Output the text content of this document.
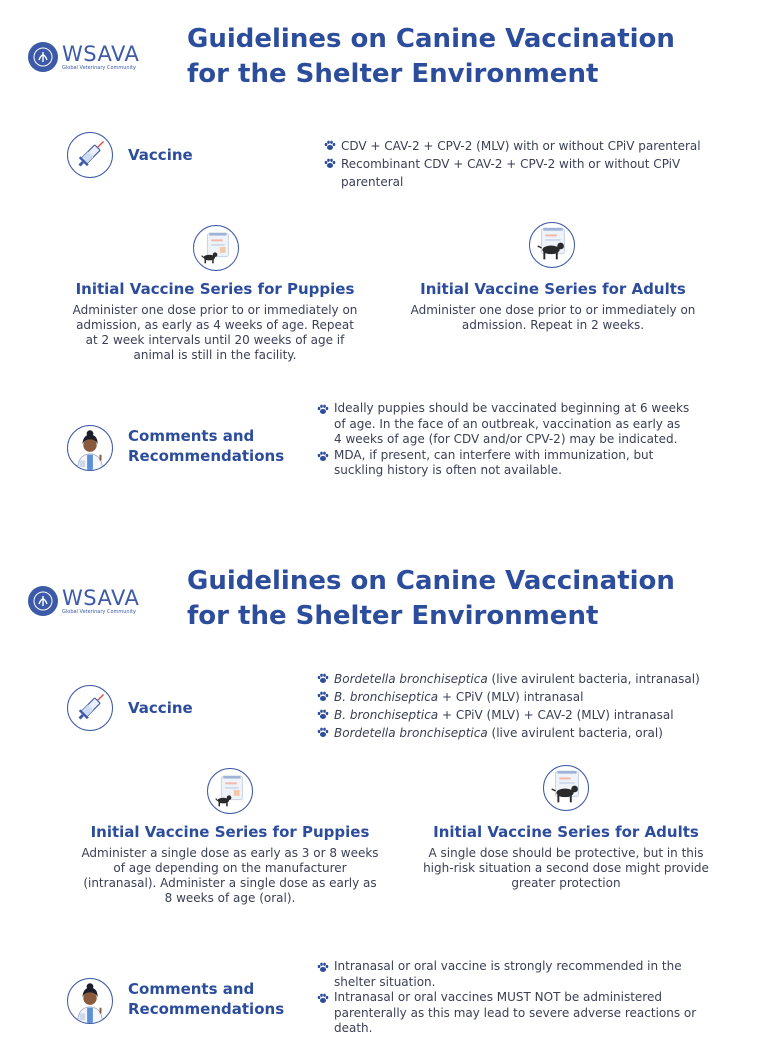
WSAVA
Global Veterinary Community
Guidelines on Canine Vaccination
for the Shelter Environment
Vaccine	CDV + CAV-2 + CPV-2 (MLV) with or without CPiV parenteral
Recombinant CDV + CAV-2 + CPV-2 with or without CPiV parenteral
Initial Vaccine Series for Puppies
Administer one dose prior to or immediately on admission, as early as 4 weeks of age. Repeat at 2 week intervals until 20 weeks of age if animal is still in the facility.
Initial Vaccine Series for Adults
Administer one dose prior to or immediately on admission. Repeat in 2 weeks.
Comments and
Recommendations
Ideally puppies should be vaccinated beginning at 6 weeks of age. In the face of an outbreak, vaccination as early as 4 weeks of age (for CDV and/or CPV-2) may be indicated.
MDA, if present, can interfere with immunization, but suckling history is often not available.
WSAVA
Global Veterinary Community
Guidelines on Canine Vaccination
for the Shelter Environment
Vaccine
Bordetella bronchiseptica (live avirulent bacteria, intranasal)
B. bronchiseptica + CPiV (MLV) intranasal
B. bronchiseptica + CPiV (MLV) + CAV-2 (MLV) intranasal
Bordetella bronchiseptica (live avirulent bacteria, oral)
Initial Vaccine Series for Puppies
Administer a single dose as early as 3 or 8 weeks of age depending on the manufacturer (intranasal). Administer a single dose as early as 8 weeks of age (oral).
Initial Vaccine Series for Adults
A single dose should be protective, but in this high-risk situation a second dose might provide greater protection
Comments and
Recommendations
Intranasal or oral vaccine is strongly recommended in the shelter situation.
Intranasal or oral vaccines MUST NOT be administered parenterally as this may lead to severe adverse reactions or death.
